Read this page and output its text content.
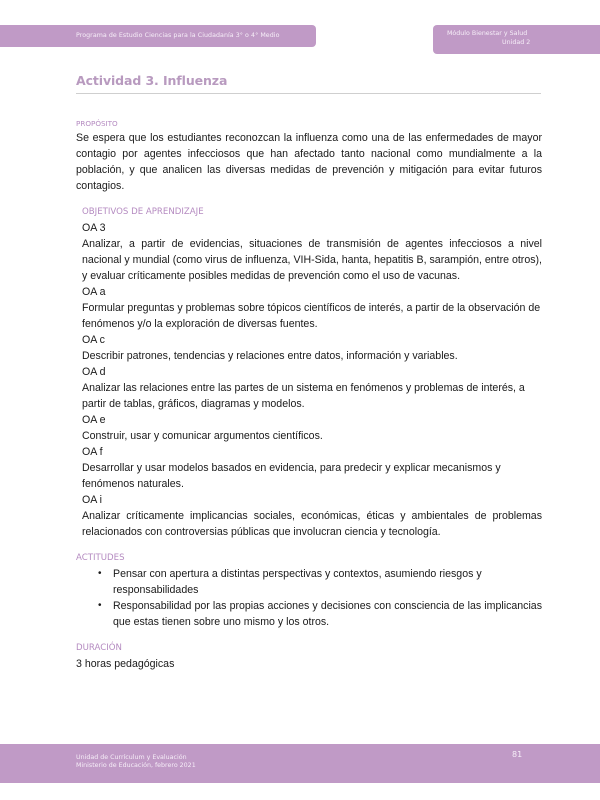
Programa de Estudio Ciencias para la Ciudadanía 3° o 4° Medio	Módulo Bienestar y Salud
Unidad 2
Actividad 3. Influenza
PROPÓSITO

Se espera que los estudiantes reconozcan la influenza como una de las enfermedades de mayor contagio por agentes infecciosos que han afectado tanto nacional como mundialmente a la población, y que analicen las diversas medidas de prevención y mitigación para evitar futuros contagios.

OBJETIVOS DE APRENDIZAJE
OA 3
Analizar, a partir de evidencias, situaciones de transmisión de agentes infecciosos a nivel nacional y mundial (como virus de influenza, VIH-Sida, hanta, hepatitis B, sarampión, entre otros), y evaluar críticamente posibles medidas de prevención como el uso de vacunas.
OA a
Formular preguntas y problemas sobre tópicos científicos de interés, a partir de la observación de fenómenos y/o la exploración de diversas fuentes.
OA c
Describir patrones, tendencias y relaciones entre datos, información y variables.
OA d
Analizar las relaciones entre las partes de un sistema en fenómenos y problemas de interés, a partir de tablas, gráficos, diagramas y modelos.
OA e
Construir, usar y comunicar argumentos científicos.
OA f
Desarrollar y usar modelos basados en evidencia, para predecir y explicar mecanismos y fenómenos naturales.
OA i
Analizar críticamente implicancias sociales, económicas, éticas y ambientales de problemas relacionados con controversias públicas que involucran ciencia y tecnología.
ACTITUDES
• Pensar con apertura a distintas perspectivas y contextos, asumiendo riesgos y responsabilidades
• Responsabilidad por las propias acciones y decisiones con consciencia de las implicancias que estas tienen sobre uno mismo y los otros.
DURACIÓN

3 horas pedagógicas

Unidad de Currículum y Evaluación
Ministerio de Educación, febrero 2021
81
